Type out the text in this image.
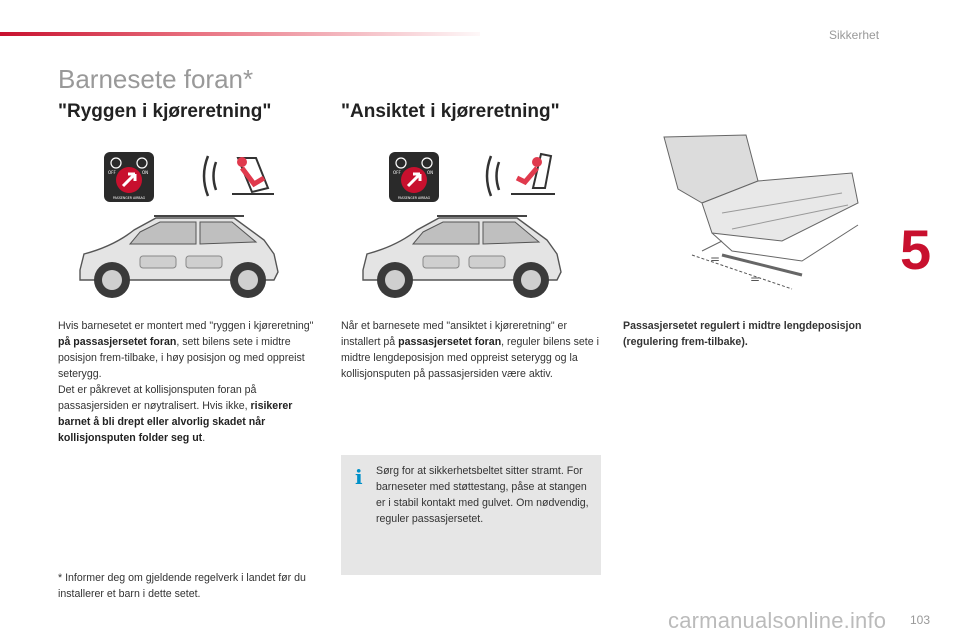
Sikkerhet
5
Barnesete foran*
"Ryggen i kjøreretning"	"Ansiktet i kjøreretning"
OFF	ON
PASSENGER AIRBAG
OFF	ON
PASSENGER AIRBAG
=
=
Hvis barnesetet er montert med "ryggen i kjøreretning" på passasjersetet foran, sett bilens sete i midtre posisjon frem-tilbake, i høy posisjon og med oppreist seterygg.
Det er påkrevet at kollisjonsputen foran på passasjersiden er nøytralisert. Hvis ikke, risikerer barnet å bli drept eller alvorlig skadet når kollisjonsputen folder seg ut.
Når et barnesete med "ansiktet i kjøreretning" er installert på passasjersetet foran, reguler bilens sete i midtre lengdeposisjon med oppreist seterygg og la kollisjonsputen på passasjersiden være aktiv.
Passasjersetet regulert i midtre lengdeposisjon (regulering frem-tilbake).
i Sørg for at sikkerhetsbeltet sitter stramt. For barneseter med støttestang, påse at stangen er i stabil kontakt med gulvet. Om nødvendig, reguler passasjersetet.

* Informer deg om gjeldende regelverk i landet før du installerer et barn i dette setet.
103
carmanualsonline.info
